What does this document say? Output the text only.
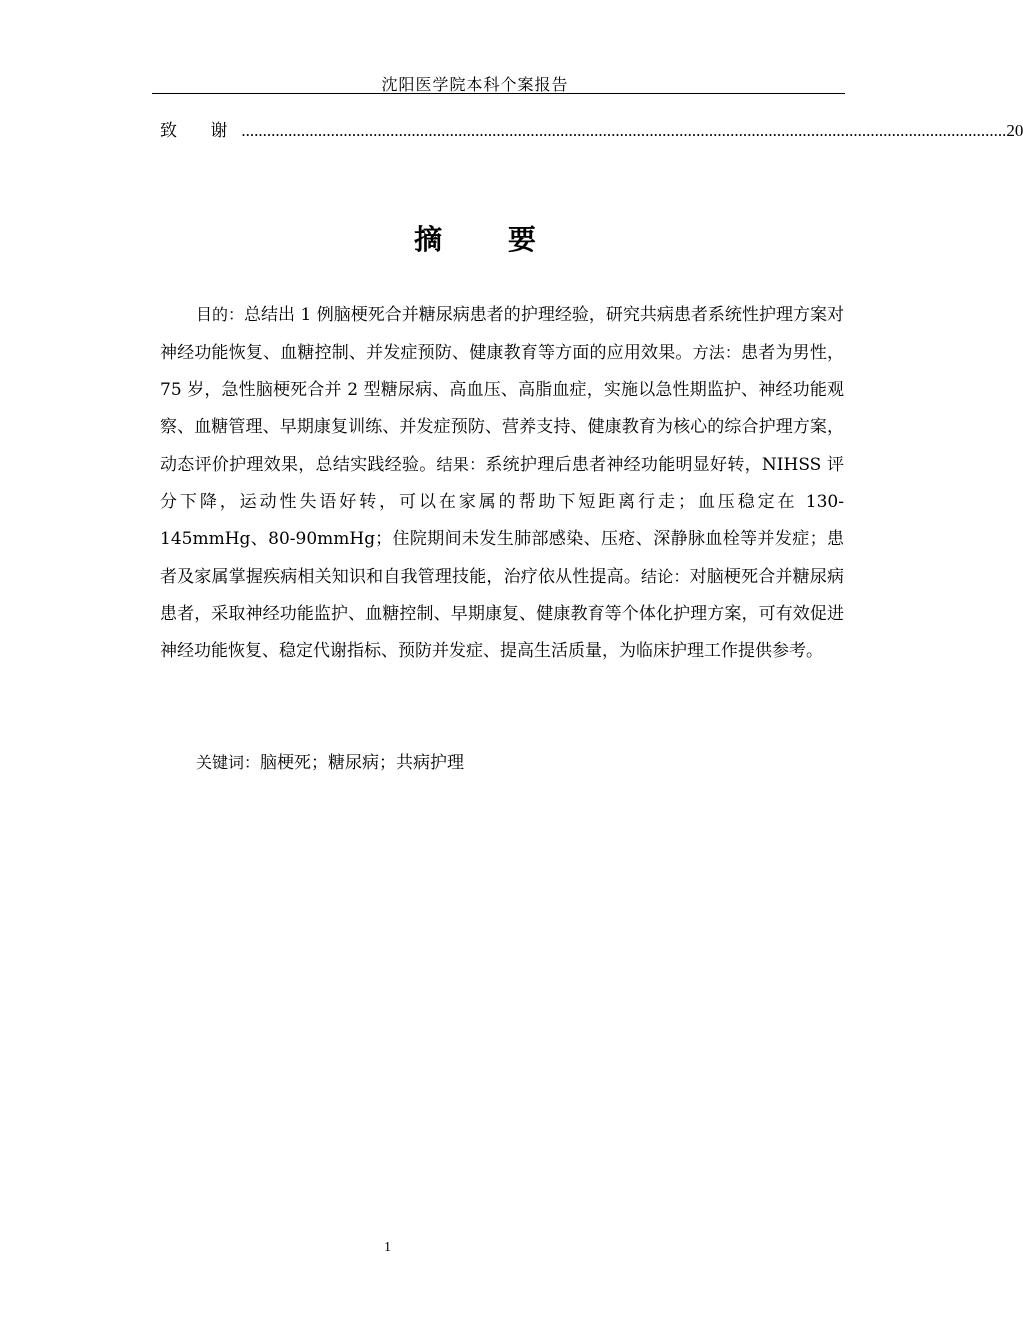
沈阳医学院本科个案报告
致 谢 .................................................................................................................................................................................... 20
摘 要
目的：总结出 1 例脑梗死合并糖尿病患者的护理经验，研究共病患者系统性护理方案对神经功能恢复、血糖控制、并发症预防、健康教育等方面的应用效果。方法：患者为男性，75 岁，急性脑梗死合并 2 型糖尿病、高血压、高脂血症，实施以急性期监护、神经功能观察、血糖管理、早期康复训练、并发症预防、营养支持、健康教育为核心的综合护理方案，动态评价护理效果，总结实践经验。结果：系统护理后患者神经功能明显好转，NIHSS 评分下降，运动性失语好转，可以在家属的帮助下短距离行走；血压稳定在 130-145mmHg、80-90mmHg；住院期间未发生肺部感染、压疮、深静脉血栓等并发症；患者及家属掌握疾病相关知识和自我管理技能，治疗依从性提高。结论：对脑梗死合并糖尿病患者，采取神经功能监护、血糖控制、早期康复、健康教育等个体化护理方案，可有效促进神经功能恢复、稳定代谢指标、预防并发症、提高生活质量，为临床护理工作提供参考。
关键词：脑梗死；糖尿病；共病护理
1
